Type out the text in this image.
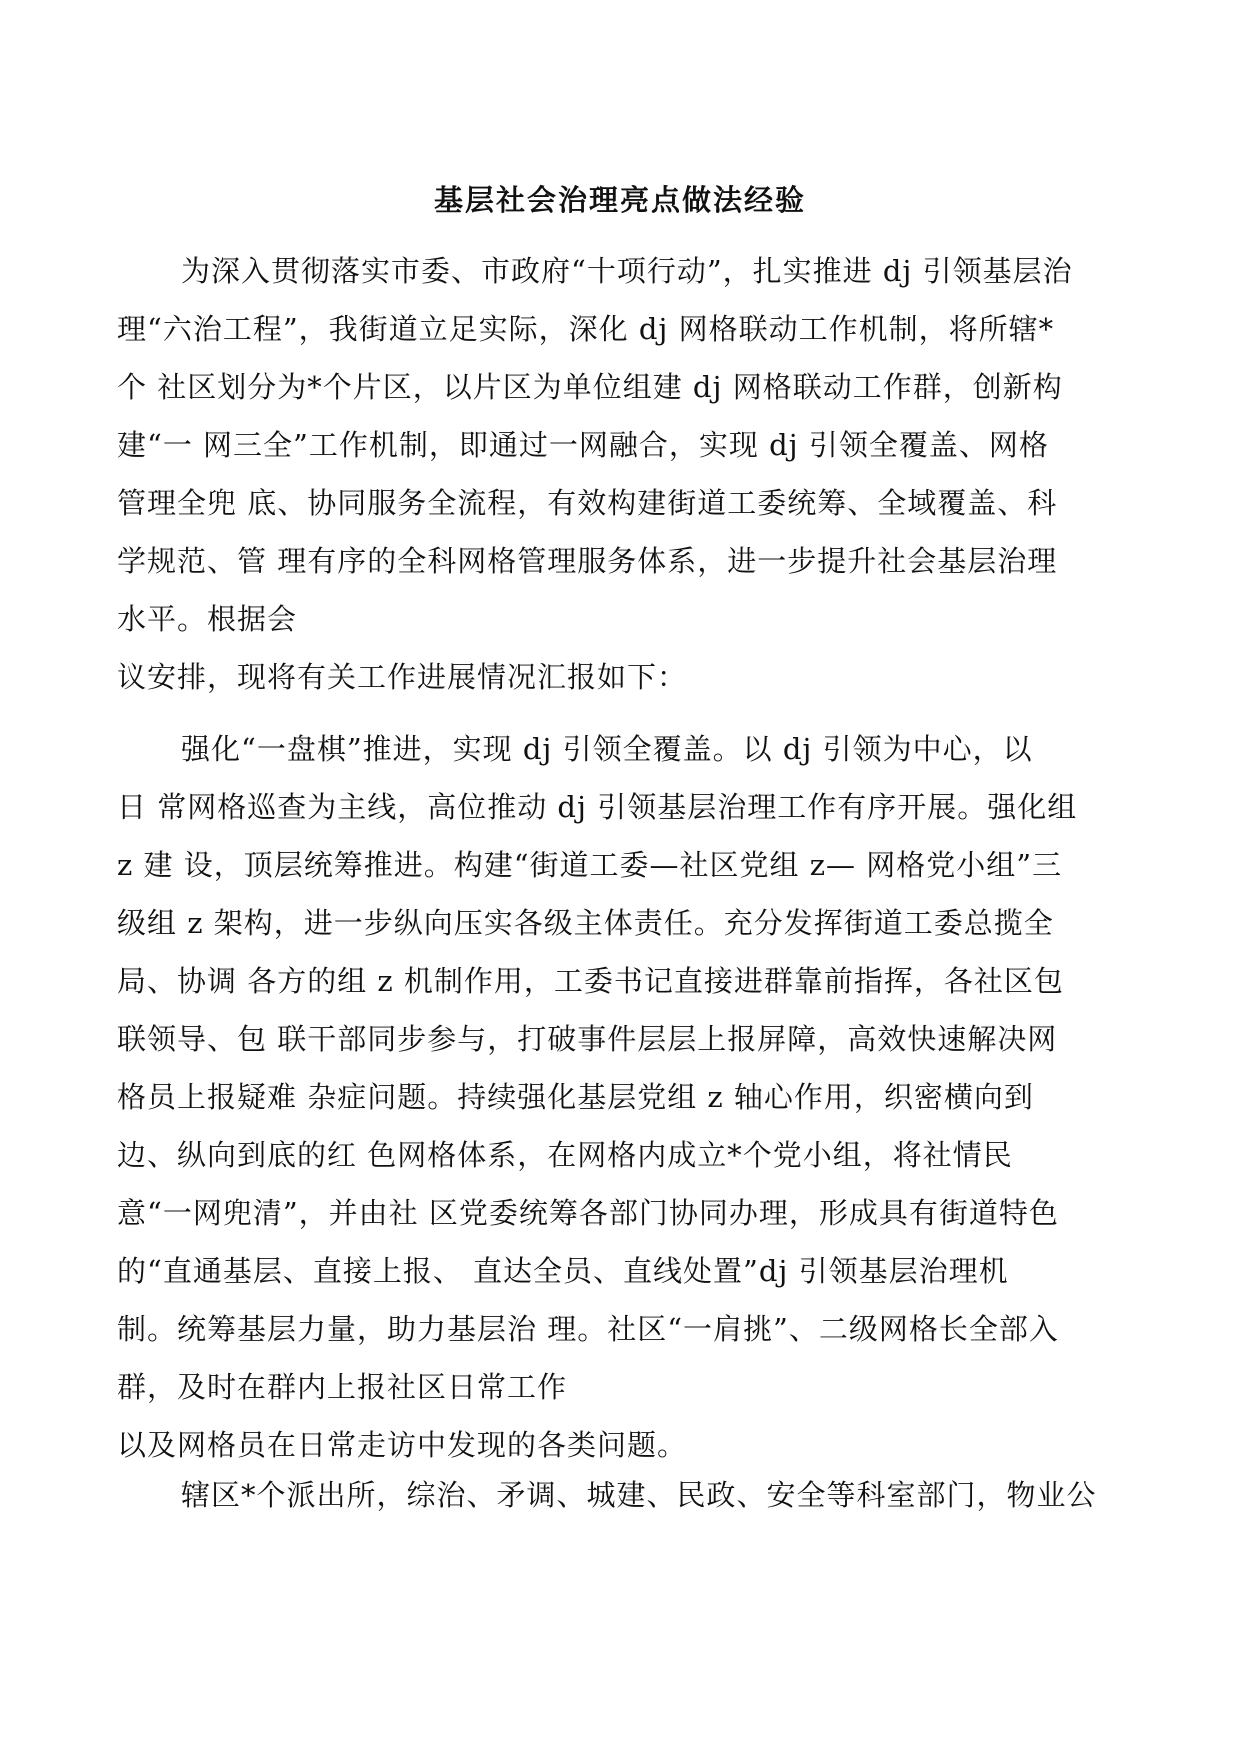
基层社会治理亮点做法经验
为深入贯彻落实市委、市政府“十项行动”，扎实推进 dj 引领基层治
理“六治工程”，我街道立足实际，深化 dj 网格联动工作机制，将所辖*
个 社区划分为*个片区，以片区为单位组建 dj 网格联动工作群，创新构
建“一 网三全”工作机制，即通过一网融合，实现 dj 引领全覆盖、网格
管理全兜 底、协同服务全流程，有效构建街道工委统筹、全域覆盖、科
学规范、管 理有序的全科网格管理服务体系，进一步提升社会基层治理
水平。根据会
议安排，现将有关工作进展情况汇报如下：
强化“一盘棋”推进，实现 dj 引领全覆盖。以 dj 引领为中心，以
日 常网格巡查为主线，高位推动 dj 引领基层治理工作有序开展。强化组
z 建 设，顶层统筹推进。构建“街道工委—社区党组 z— 网格党小组”三
级组 z 架构，进一步纵向压实各级主体责任。充分发挥街道工委总揽全
局、协调 各方的组 z 机制作用，工委书记直接进群靠前指挥，各社区包
联领导、包 联干部同步参与，打破事件层层上报屏障，高效快速解决网
格员上报疑难 杂症问题。持续强化基层党组 z 轴心作用，织密横向到
边、纵向到底的红 色网格体系，在网格内成立*个党小组，将社情民
意“一网兜清”，并由社 区党委统筹各部门协同办理，形成具有街道特色
的“直通基层、直接上报、 直达全员、直线处置”dj 引领基层治理机
制。统筹基层力量，助力基层治 理。社区“一肩挑”、二级网格长全部入
群，及时在群内上报社区日常工作
以及网格员在日常走访中发现的各类问题。
辖区*个派出所，综治、矛调、城建、民政、安全等科室部门，物业公
